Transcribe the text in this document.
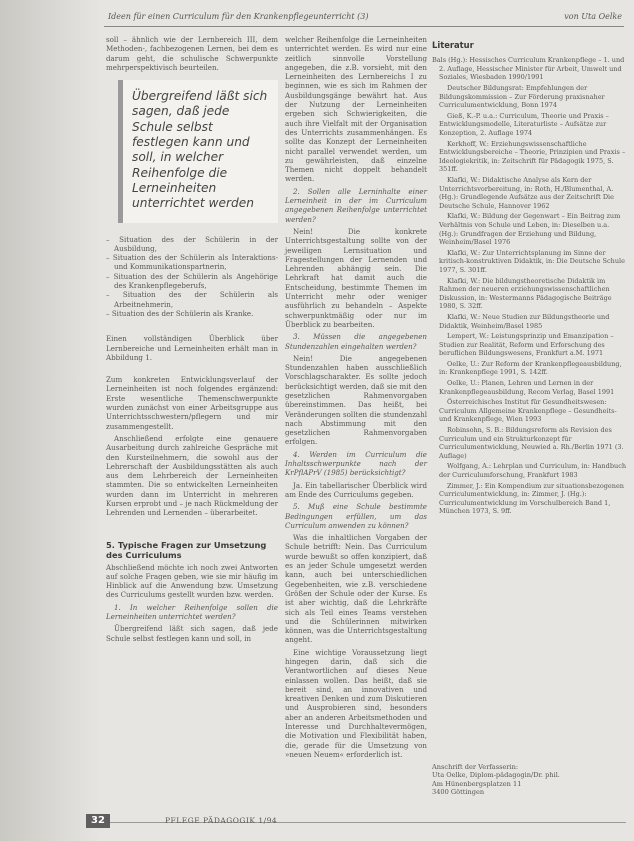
Ideen für einen Curriculum für den Krankenpflegeunterricht (3)	von Uta Oelke

soll – ähnlich wie der Lernbereich III, dem Methoden-, fachbezogenen Lernen, bei dem es darum geht, die schulische Schwerpunkte mehrperspektivisch beurteilen.

Übergreifend läßt sich sagen, daß jede Schule selbst festlegen kann und soll, in welcher Reihenfolge die Lerneinheiten unterrichtet werden
– Situation des der Schülerin in der Ausbildung,
– Situation des der Schülerin als Interaktions- und Kommunikationspartnerin,
– Situation des der Schülerin als Angehörige des Krankenpflegeberufs,
– Situation des der Schülerin als Arbeitnehmerin,
– Situation des der Schülerin als Kranke.

Einen vollständigen Überblick über Lernbereiche und Lerneinheiten erhält man in Abbildung 1.

Zum konkreten Entwicklungsverlauf der Lerneinheiten ist noch folgendes ergänzend: Erste wesentliche Themenschwerpunkte wurden zunächst von einer Arbeitsgruppe aus Unterrichtsschwestern/pflegern und mir zusammengestellt.

Anschließend erfolgte eine genauere Ausarbeitung durch zahlreiche Gespräche mit den Kursteilnehmern, die sowohl aus der Lehrerschaft der Ausbildungsstätten als auch aus dem Lehrbereich der Lerneinheiten stammten. Die so entwickelten Lerneinheiten wurden dann im Unterricht in mehreren Kursen erprobt und – je nach Rückmeldung der Lehrenden und Lernenden – überarbeitet.

5. Typische Fragen zur Umsetzung des Curriculums

Abschließend möchte ich noch zwei Antworten auf solche Fragen geben, wie sie mir häufig im Hinblick auf die Anwendung bzw. Umsetzung des Curriculums gestellt wurden bzw. werden.

1. In welcher Reihenfolge sollen die Lerneinheiten unterrichtet werden?

Übergreifend läßt sich sagen, daß jede Schule selbst festlegen kann und soll, in

welcher Reihenfolge die Lerneinheiten unterrichtet werden. Es wird nur eine zeitlich sinnvolle Vorstellung angegeben, die z.B. vorsieht, mit den Lerneinheiten des Lernbereichs I zu beginnen, wie es sich im Rahmen der Ausbildungsgänge bewährt hat. Aus der Nutzung der Lerneinheiten ergeben sich Schwierigkeiten, die auch ihre Vielfalt mit der Organisation des Unterrichts zusammenhängen. Es sollte das Konzept der Lerneinheiten nicht parallel verwendet werden, um zu gewährleisten, daß einzelne Themen nicht doppelt behandelt werden.

2. Sollen alle Lerninhalte einer Lerneinheit in der im Curriculum angegebenen Reihenfolge unterrichtet werden?

Nein! Die konkrete Unterrichtsgestaltung sollte von der jeweiligen Lernsituation und Fragestellungen der Lernenden und Lehrenden abhängig sein. Die Lehrkraft hat damit auch die Entscheidung, bestimmte Themen im Unterricht mehr oder weniger ausführlich zu behandeln – Aspekte schwerpunktmäßig oder nur im Überblick zu bearbeiten.

3. Müssen die angegebenen Stundenzahlen eingehalten werden?

Nein! Die angegebenen Stundenzahlen haben ausschließlich Vorschlagscharakter. Es sollte jedoch berücksichtigt werden, daß sie mit den gesetzlichen Rahmenvorgaben übereinstimmen. Das heißt, bei Veränderungen sollten die stundenzahl nach Abstimmung mit den gesetzlichen Rahmenvorgaben erfolgen.

4. Werden im Curriculum die Inhaltsschwerpunkte nach der KrPflAPrV (1985) berücksichtigt?

Ja. Ein tabellarischer Überblick wird am Ende des Curriculums gegeben.

5. Muß eine Schule bestimmte Bedingungen erfüllen, um das Curriculum anwenden zu können?

Was die inhaltlichen Vorgaben der Schule betrifft: Nein. Das Curriculum wurde bewußt so offen konzipiert, daß es an jeder Schule umgesetzt werden kann, auch bei unterschiedlichen Gegebenheiten, wie z.B. verschiedene Größen der Schule oder der Kurse. Es ist aber wichtig, daß die Lehrkräfte sich als Teil eines Teams verstehen und die Schülerinnen mitwirken können, was die Unterrichtsgestaltung angeht.

Eine wichtige Voraussetzung liegt hingegen darin, daß sich die Verantwortlichen auf dieses Neue einlassen wollen. Das heißt, daß sie bereit sind, an innovativen und kreativen Denken und zum Diskutieren und Ausprobieren sind, besonders aber an anderen Arbeitsmethoden und Interesse und Durchhaltevermögen, die Motivation und Flexibilität haben, die, gerade für die Umsetzung von »neuen Neuem« erforderlich ist.

Literatur

Bals (Hg.): Hessisches Curriculum Krankenpflege – 1. und 2. Auflage, Hessischer Minister für Arbeit, Umwelt und Soziales, Wiesbaden 1990/1991

Deutscher Bildungsrat: Empfehlungen der Bildungskommission – Zur Förderung praxisnaher Curriculumentwicklung, Bonn 1974

Gieß, K.-P. u.a.: Curriculum, Theorie und Praxis – Entwicklungsmodelle, Literaturliste – Aufsätze zur Konzeption, 2. Auflage 1974

Kerkhoff, W.: Erziehungswissenschaftliche Entwicklungsbereiche – Theorie, Prinzipien und Praxis – Ideologiekritik, in: Zeitschrift für Pädagogik 1975, S. 351ff.

Klafki, W.: Didaktische Analyse als Kern der Unterrichtsvorbereitung, in: Roth, H./Blumenthal, A. (Hg.): Grundlegende Aufsätze aus der Zeitschrift Die Deutsche Schule, Hannover 1962

Klafki, W.: Bildung der Gegenwart – Ein Beitrag zum Verhältnis von Schule und Leben, in: Dieselben u.a. (Hg.): Grundfragen der Erziehung und Bildung, Weinheim/Basel 1976

Klafki, W.: Zur Unterrichtsplanung im Sinne der kritisch-konstruktiven Didaktik, in: Die Deutsche Schule 1977, S. 301ff.

Klafki, W.: Die bildungstheoretische Didaktik im Rahmen der neueren erziehungswissenschaftlichen Diskussion, in: Westermanns Pädagogische Beiträge 1980, S. 32ff.

Klafki, W.: Neue Studien zur Bildungstheorie und Didaktik, Weinheim/Basel 1985

Lempert, W.: Leistungsprinzip und Emanzipation – Studien zur Realität, Reform und Erforschung des beruflichen Bildungswesens, Frankfurt a.M. 1971

Oelke, U.: Zur Reform der Krankenpflegeausbildung, in: Krankenpflege 1991, S. 142ff.

Oelke, U.: Planen, Lehren und Lernen in der Krankenpflegeausbildung, Recom Verlag, Basel 1991

Österreichisches Institut für Gesundheitswesen: Curriculum Allgemeine Krankenpflege – Gesundheits- und Krankenpflege, Wien 1993

Robinsohn, S. B.: Bildungsreform als Revision des Curriculum und ein Strukturkonzept für Curriculumentwicklung, Neuwied a. Rh./Berlin 1971 (3. Auflage)

Wolfgang, A.: Lehrplan und Curriculum, in: Handbuch der Curriculumforschung, Frankfurt 1983

Zimmer, J.: Ein Kompendium zur situationsbezogenen Curriculumentwicklung, in: Zimmer, J. (Hg.): Curriculumentwicklung im Vorschulbereich Band 1, München 1973, S. 9ff.

Anschrift der Verfasserin:

Uta Oelke, Diplom-pädagogin/Dr. phil.

Am Hünenbergsplatzen 11

3400 Göttingen

32	PFLEGE PÄDAGOGIK 1/94
